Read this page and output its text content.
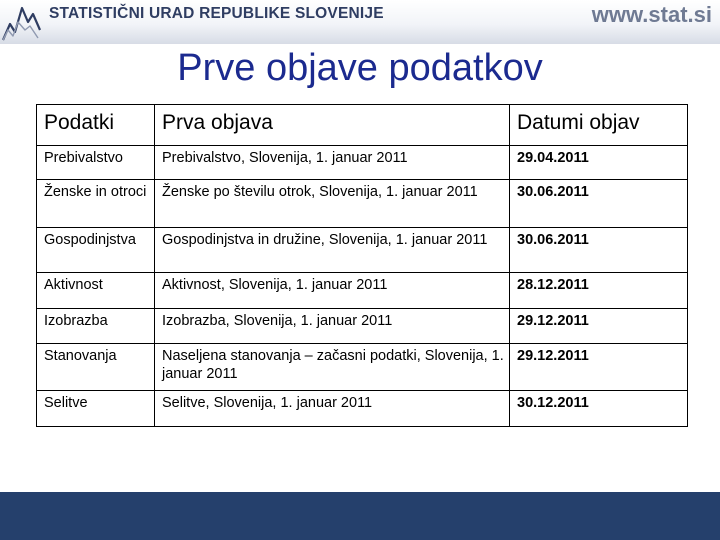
STATISTIČNI URAD REPUBLIKE SLOVENIJE	www.stat.si
Prve objave podatkov
Podatki	Prva objava	Datumi objav
Prebivalstvo	Prebivalstvo, Slovenija, 1. januar 2011	29.04.2011
Ženske in otroci	Ženske po številu otrok, Slovenija, 1. januar 2011	30.06.2011
Gospodinjstva	Gospodinjstva in družine, Slovenija, 1. januar 2011	30.06.2011
Aktivnost	Aktivnost, Slovenija, 1. januar 2011	28.12.2011
Izobrazba	Izobrazba, Slovenija, 1. januar 2011	29.12.2011
Stanovanja	Naseljena stanovanja – začasni podatki, Slovenija, 1. januar 2011	29.12.2011
Selitve	Selitve, Slovenija, 1. januar 2011	30.12.2011
